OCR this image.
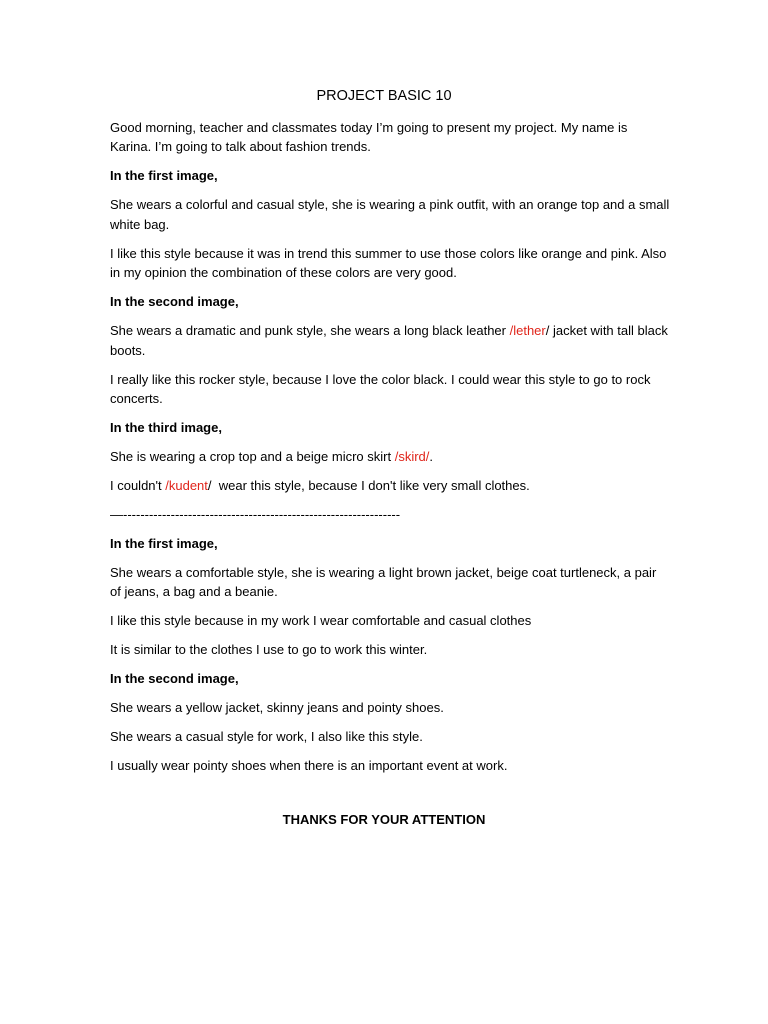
PROJECT BASIC 10

Good morning, teacher and classmates today I’m going to present my project. My name is Karina. I’m going to talk about fashion trends.

In the first image,

She wears a colorful and casual style, she is wearing a pink outfit, with an orange top and a small white bag.

I like this style because it was in trend this summer to use those colors like orange and pink. Also in my opinion the combination of these colors are very good.

In the second image,

She wears a dramatic and punk style, she wears a long black leather /lether/ jacket with tall black boots.

I really like this rocker style, because I love the color black. I could wear this style to go to rock concerts.

In the third image,

She is wearing a crop top and a beige micro skirt /skird/.

I couldn't /kudent/  wear this style, because I don't like very small clothes.

—----------------------------------------------------------------

In the first image,

She wears a comfortable style, she is wearing a light brown jacket, beige coat turtleneck, a pair of jeans, a bag and a beanie.

I like this style because in my work I wear comfortable and casual clothes

It is similar to the clothes I use to go to work this winter.

In the second image,

She wears a yellow jacket, skinny jeans and pointy shoes.

She wears a casual style for work, I also like this style.

I usually wear pointy shoes when there is an important event at work.

THANKS FOR YOUR ATTENTION
